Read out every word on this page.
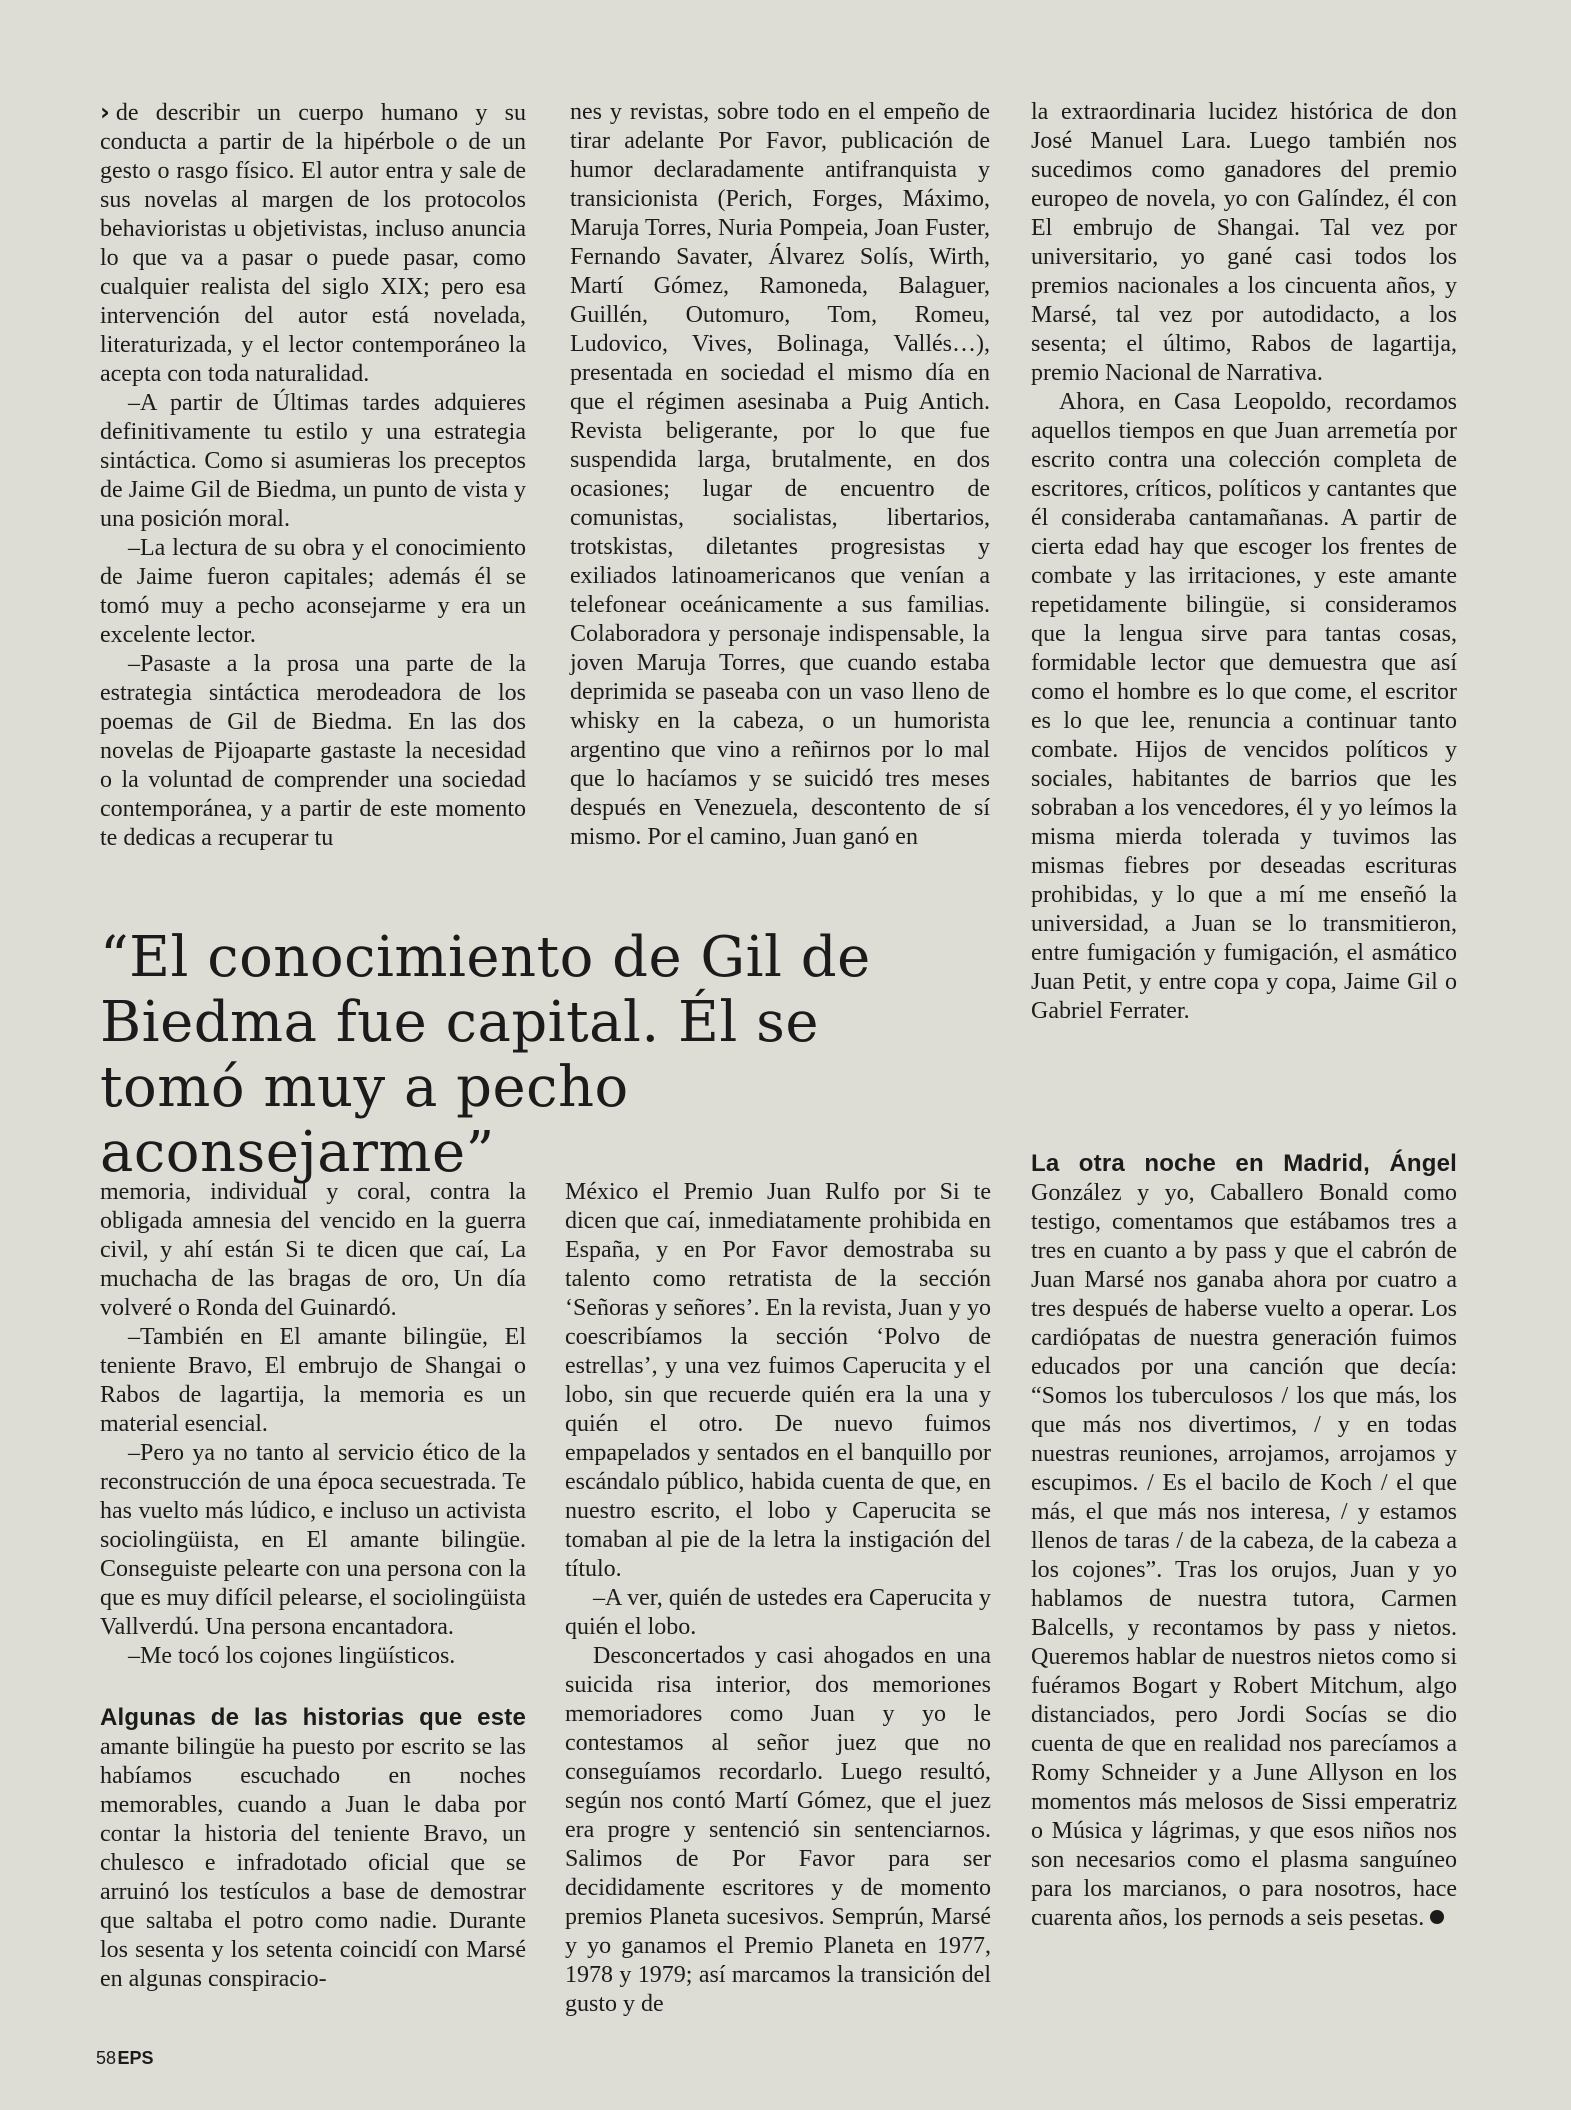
› de describir un cuerpo humano y su conducta a partir de la hipérbole o de un gesto o rasgo físico. El autor entra y sale de sus novelas al margen de los protocolos behavioristas u objetivistas, incluso anuncia lo que va a pasar o puede pasar, como cualquier realista del siglo XIX; pero esa intervención del autor está novelada, literaturizada, y el lector contemporáneo la acepta con toda naturalidad.

–A partir de Últimas tardes adquieres definitivamente tu estilo y una estrategia sintáctica. Como si asumieras los preceptos de Jaime Gil de Biedma, un punto de vista y una posición moral.

–La lectura de su obra y el conocimiento de Jaime fueron capitales; además él se tomó muy a pecho aconsejarme y era un excelente lector.

–Pasaste a la prosa una parte de la estrategia sintáctica merodeadora de los poemas de Gil de Biedma. En las dos novelas de Pijoaparte gastaste la necesidad o la voluntad de comprender una sociedad contemporánea, y a partir de este momento te dedicas a recuperar tu

nes y revistas, sobre todo en el empeño de tirar adelante Por Favor, publicación de humor declaradamente antifranquista y transicionista (Perich, Forges, Máximo, Maruja Torres, Nuria Pompeia, Joan Fuster, Fernando Savater, Álvarez Solís, Wirth, Martí Gómez, Ramoneda, Balaguer, Guillén, Outomuro, Tom, Romeu, Ludovico, Vives, Bolinaga, Vallés…), presentada en sociedad el mismo día en que el régimen asesinaba a Puig Antich. Revista beligerante, por lo que fue suspendida larga, brutalmente, en dos ocasiones; lugar de encuentro de comunistas, socialistas, libertarios, trotskistas, diletantes progresistas y exiliados latinoamericanos que venían a telefonear oceánicamente a sus familias. Colaboradora y personaje indispensable, la joven Maruja Torres, que cuando estaba deprimida se paseaba con un vaso lleno de whisky en la cabeza, o un humorista argentino que vino a reñirnos por lo mal que lo hacíamos y se suicidó tres meses después en Venezuela, descontento de sí mismo. Por el camino, Juan ganó en

la extraordinaria lucidez histórica de don José Manuel Lara. Luego también nos sucedimos como ganadores del premio europeo de novela, yo con Galíndez, él con El embrujo de Shangai. Tal vez por universitario, yo gané casi todos los premios nacionales a los cincuenta años, y Marsé, tal vez por autodidacto, a los sesenta; el último, Rabos de lagartija, premio Nacional de Narrativa.

Ahora, en Casa Leopoldo, recordamos aquellos tiempos en que Juan arremetía por escrito contra una colección completa de escritores, críticos, políticos y cantantes que él consideraba cantamañanas. A partir de cierta edad hay que escoger los frentes de combate y las irritaciones, y este amante repetidamente bilingüe, si consideramos que la lengua sirve para tantas cosas, formidable lector que demuestra que así como el hombre es lo que come, el escritor es lo que lee, renuncia a continuar tanto combate. Hijos de vencidos políticos y sociales, habitantes de barrios que les sobraban a los vencedores, él y yo leímos la misma mierda tolerada y tuvimos las mismas fiebres por deseadas escrituras prohibidas, y lo que a mí me enseñó la universidad, a Juan se lo transmitieron, entre fumigación y fumigación, el asmático Juan Petit, y entre copa y copa, Jaime Gil o Gabriel Ferrater.

“El conocimiento de Gil de Biedma fue capital. Él se tomó muy a pecho aconsejarme”

memoria, individual y coral, contra la obligada amnesia del vencido en la guerra civil, y ahí están Si te dicen que caí, La muchacha de las bragas de oro, Un día volveré o Ronda del Guinardó.

–También en El amante bilingüe, El teniente Bravo, El embrujo de Shangai o Rabos de lagartija, la memoria es un material esencial.

–Pero ya no tanto al servicio ético de la reconstrucción de una época secuestrada. Te has vuelto más lúdico, e incluso un activista sociolingüista, en El amante bilingüe. Conseguiste pelearte con una persona con la que es muy difícil pelearse, el sociolingüista Vallverdú. Una persona encantadora.

–Me tocó los cojones lingüísticos.

Algunas de las historias que este amante bilingüe ha puesto por escrito se las habíamos escuchado en noches memorables, cuando a Juan le daba por contar la historia del teniente Bravo, un chulesco e infradotado oficial que se arruinó los testículos a base de demostrar que saltaba el potro como nadie. Durante los sesenta y los setenta coincidí con Marsé en algunas conspiracio-

México el Premio Juan Rulfo por Si te dicen que caí, inmediatamente prohibida en España, y en Por Favor demostraba su talento como retratista de la sección ‘Señoras y señores’. En la revista, Juan y yo coescribíamos la sección ‘Polvo de estrellas’, y una vez fuimos Caperucita y el lobo, sin que recuerde quién era la una y quién el otro. De nuevo fuimos empapelados y sentados en el banquillo por escándalo público, habida cuenta de que, en nuestro escrito, el lobo y Caperucita se tomaban al pie de la letra la instigación del título.

–A ver, quién de ustedes era Caperucita y quién el lobo.

Desconcertados y casi ahogados en una suicida risa interior, dos memoriones memoriadores como Juan y yo le contestamos al señor juez que no conseguíamos recordarlo. Luego resultó, según nos contó Martí Gómez, que el juez era progre y sentenció sin sentenciarnos. Salimos de Por Favor para ser decididamente escritores y de momento premios Planeta sucesivos. Semprún, Marsé y yo ganamos el Premio Planeta en 1977, 1978 y 1979; así marcamos la transición del gusto y de

La otra noche en Madrid, Ángel González y yo, Caballero Bonald como testigo, comentamos que estábamos tres a tres en cuanto a by pass y que el cabrón de Juan Marsé nos ganaba ahora por cuatro a tres después de haberse vuelto a operar. Los cardiópatas de nuestra generación fuimos educados por una canción que decía: “Somos los tuberculosos / los que más, los que más nos divertimos, / y en todas nuestras reuniones, arrojamos, arrojamos y escupimos. / Es el bacilo de Koch / el que más, el que más nos interesa, / y estamos llenos de taras / de la cabeza, de la cabeza a los cojones”. Tras los orujos, Juan y yo hablamos de nuestra tutora, Carmen Balcells, y recontamos by pass y nietos. Queremos hablar de nuestros nietos como si fuéramos Bogart y Robert Mitchum, algo distanciados, pero Jordi Socías se dio cuenta de que en realidad nos parecíamos a Romy Schneider y a June Allyson en los momentos más melosos de Sissi emperatriz o Música y lágrimas, y que esos niños nos son necesarios como el plasma sanguíneo para los marcianos, o para nosotros, hace cuarenta años, los pernods a seis pesetas.

58 EPS
